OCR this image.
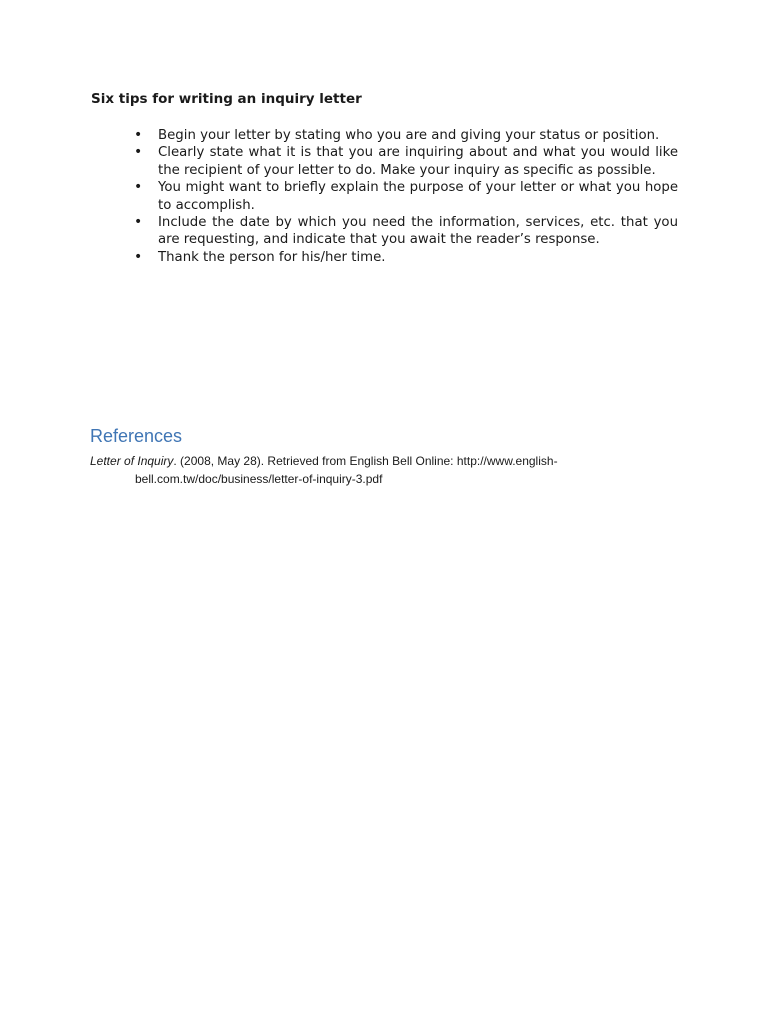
Six tips for writing an inquiry letter
• Begin your letter by stating who you are and giving your status or position.
• Clearly state what it is that you are inquiring about and what you would like the recipient of your letter to do. Make your inquiry as specific as possible.
• You might want to briefly explain the purpose of your letter or what you hope to accomplish.
• Include the date by which you need the information, services, etc. that you are requesting, and indicate that you await the reader’s response.
• Thank the person for his/her time.
References
Letter of Inquiry. (2008, May 28). Retrieved from English Bell Online: http://www.english-
bell.com.tw/doc/business/letter-of-inquiry-3.pdf
